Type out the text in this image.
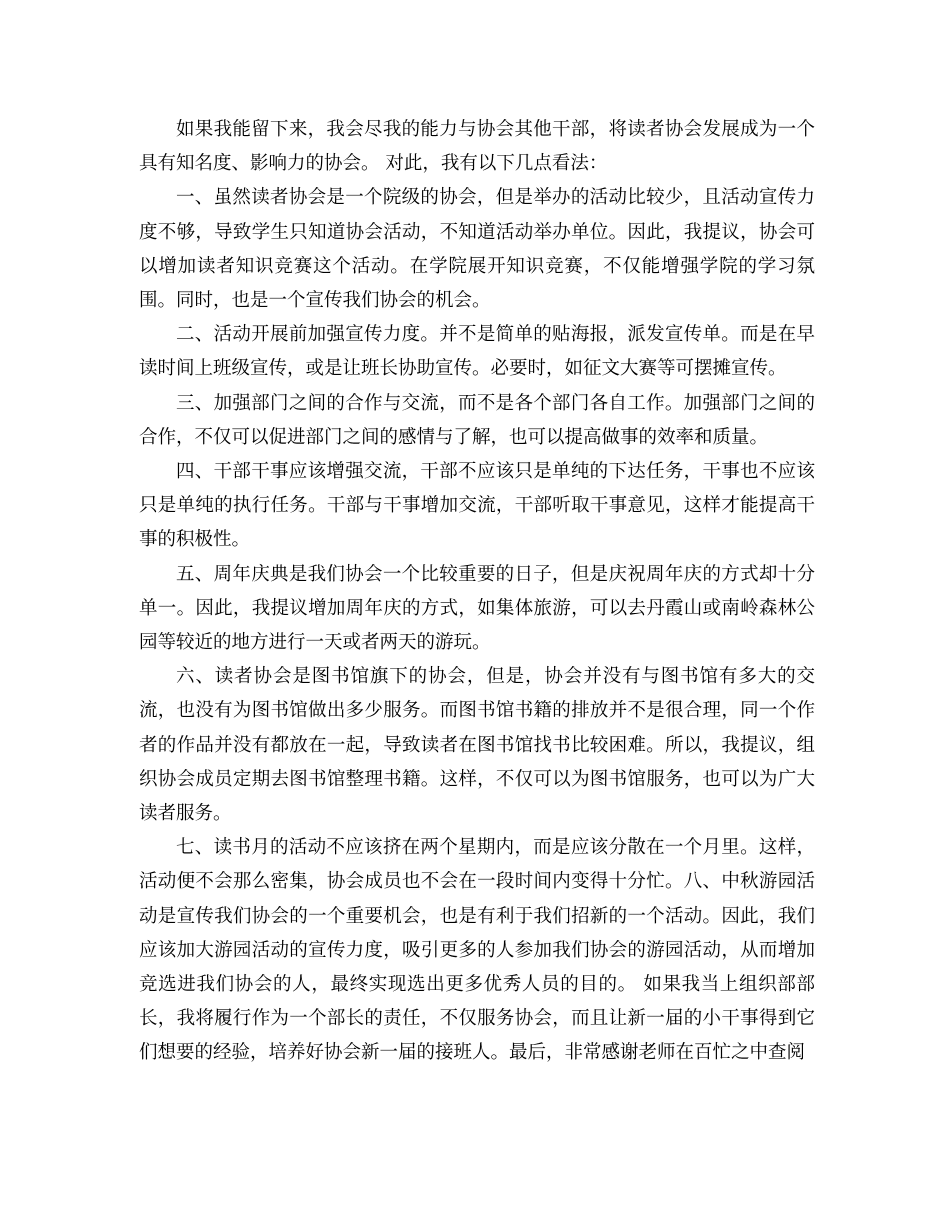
如果我能留下来，我会尽我的能力与协会其他干部，将读者协会发展成为一个具有知名度、影响力的协会。 对此，我有以下几点看法：

一、虽然读者协会是一个院级的协会，但是举办的活动比较少，且活动宣传力度不够，导致学生只知道协会活动，不知道活动举办单位。因此，我提议，协会可以增加读者知识竞赛这个活动。在学院展开知识竞赛，不仅能增强学院的学习氛围。同时，也是一个宣传我们协会的机会。

二、活动开展前加强宣传力度。并不是简单的贴海报，派发宣传单。而是在早读时间上班级宣传，或是让班长协助宣传。必要时，如征文大赛等可摆摊宣传。

三、加强部门之间的合作与交流，而不是各个部门各自工作。加强部门之间的合作，不仅可以促进部门之间的感情与了解，也可以提高做事的效率和质量。

四、干部干事应该增强交流，干部不应该只是单纯的下达任务，干事也不应该只是单纯的执行任务。干部与干事增加交流，干部听取干事意见，这样才能提高干事的积极性。

五、周年庆典是我们协会一个比较重要的日子，但是庆祝周年庆的方式却十分单一。因此，我提议增加周年庆的方式，如集体旅游，可以去丹霞山或南岭森林公园等较近的地方进行一天或者两天的游玩。

六、读者协会是图书馆旗下的协会，但是，协会并没有与图书馆有多大的交流，也没有为图书馆做出多少服务。而图书馆书籍的排放并不是很合理，同一个作者的作品并没有都放在一起，导致读者在图书馆找书比较困难。所以，我提议，组织协会成员定期去图书馆整理书籍。这样，不仅可以为图书馆服务，也可以为广大读者服务。

七、读书月的活动不应该挤在两个星期内，而是应该分散在一个月里。这样，活动便不会那么密集，协会成员也不会在一段时间内变得十分忙。八、中秋游园活动是宣传我们协会的一个重要机会，也是有利于我们招新的一个活动。因此，我们应该加大游园活动的宣传力度，吸引更多的人参加我们协会的游园活动，从而增加竞选进我们协会的人，最终实现选出更多优秀人员的目的。 如果我当上组织部部长，我将履行作为一个部长的责任，不仅服务协会，而且让新一届的小干事得到它们想要的经验，培养好协会新一届的接班人。最后，非常感谢老师在百忙之中查阅
